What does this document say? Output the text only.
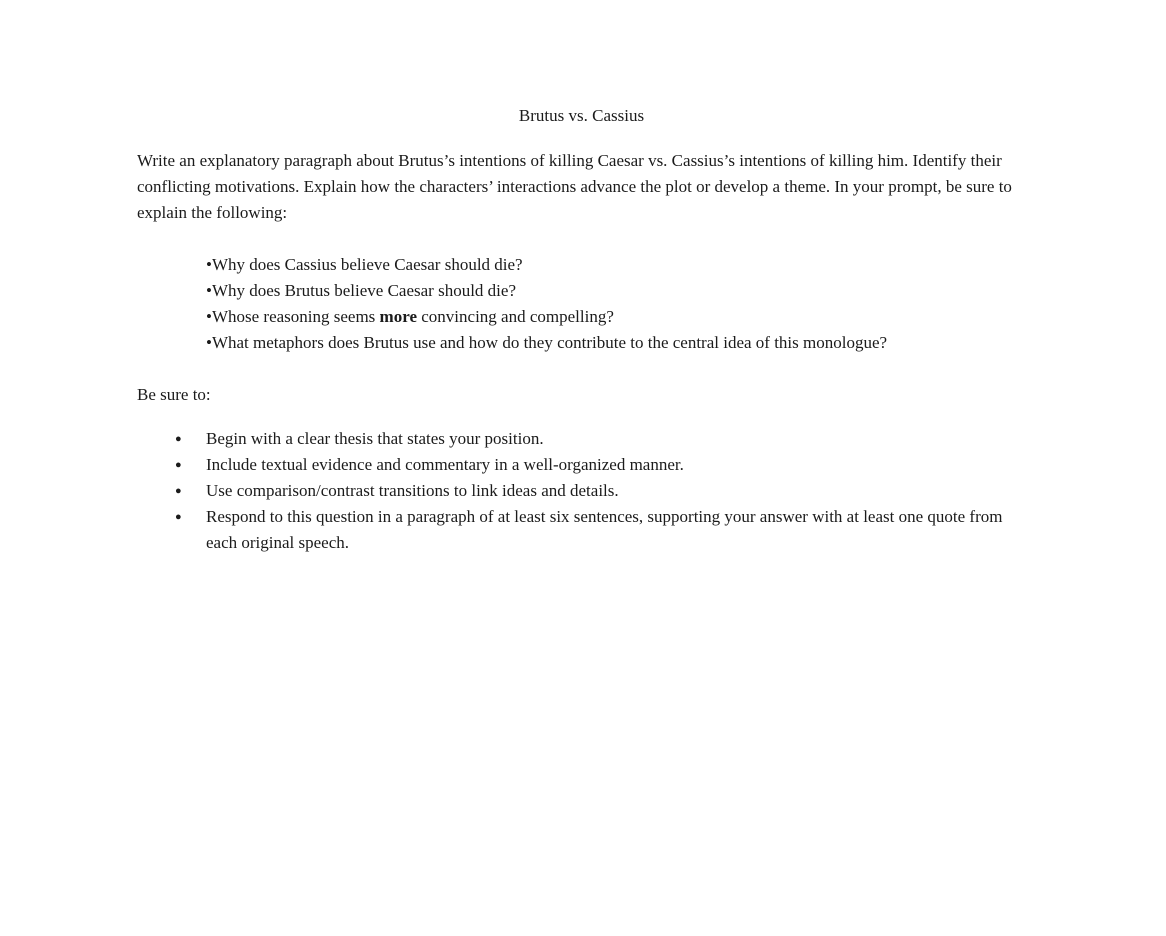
Brutus vs. Cassius

Write an explanatory paragraph about Brutus’s intentions of killing Caesar vs. Cassius’s intentions of killing him. Identify their conflicting motivations. Explain how the characters’ interactions advance the plot or develop a theme. In your prompt, be sure to explain the following:

•Why does Cassius believe Caesar should die?

•Why does Brutus believe Caesar should die?

•Whose reasoning seems more convincing and compelling?

•What metaphors does Brutus use and how do they contribute to the central idea of this monologue?

Be sure to:

●	Begin with a clear thesis that states your position.
●	Include textual evidence and commentary in a well-organized manner.
●	Use comparison/contrast transitions to link ideas and details.
●	Respond to this question in a paragraph of at least six sentences, supporting your answer with at least one quote from each original speech.
